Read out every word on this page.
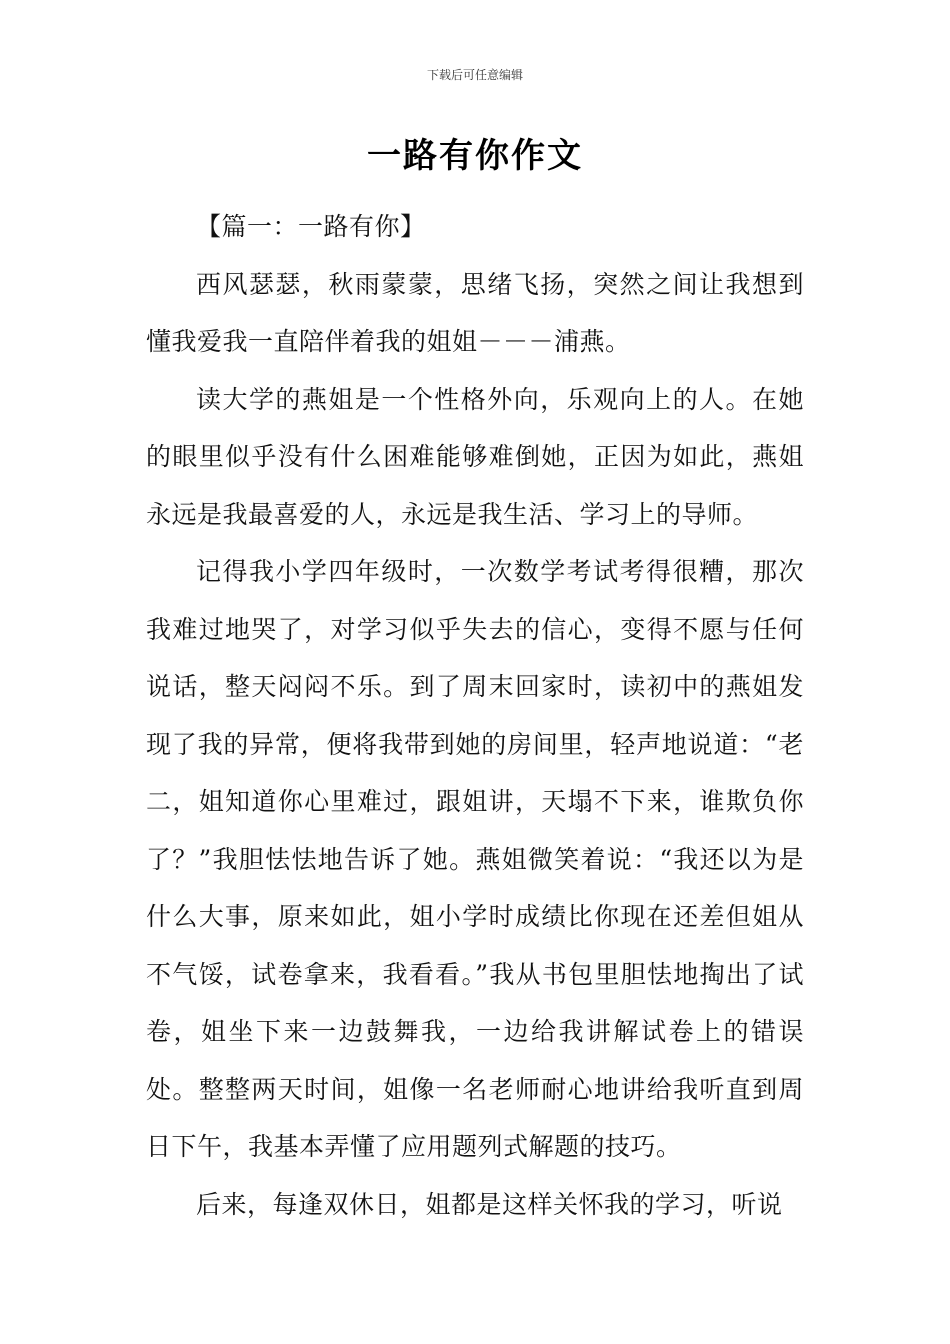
下载后可任意编辑
一路有你作文

【篇一：一路有你】

西风瑟瑟，秋雨蒙蒙，思绪飞扬，突然之间让我想到懂我爱我一直陪伴着我的姐姐－－－浦燕。

读大学的燕姐是一个性格外向，乐观向上的人。在她的眼里似乎没有什么困难能够难倒她，正因为如此，燕姐永远是我最喜爱的人，永远是我生活、学习上的导师。

记得我小学四年级时，一次数学考试考得很糟，那次我难过地哭了，对学习似乎失去的信心，变得不愿与任何说话，整天闷闷不乐。到了周末回家时，读初中的燕姐发现了我的异常，便将我带到她的房间里，轻声地说道：“老二，姐知道你心里难过，跟姐讲，天塌不下来，谁欺负你了？”我胆怯怯地告诉了她。燕姐微笑着说：“我还以为是什么大事，原来如此，姐小学时成绩比你现在还差但姐从不气馁，试卷拿来，我看看。”我从书包里胆怯地掏出了试卷，姐坐下来一边鼓舞我，一边给我讲解试卷上的错误处。整整两天时间，姐像一名老师耐心地讲给我听直到周日下午，我基本弄懂了应用题列式解题的技巧。

后来，每逢双休日，姐都是这样关怀我的学习，听说
